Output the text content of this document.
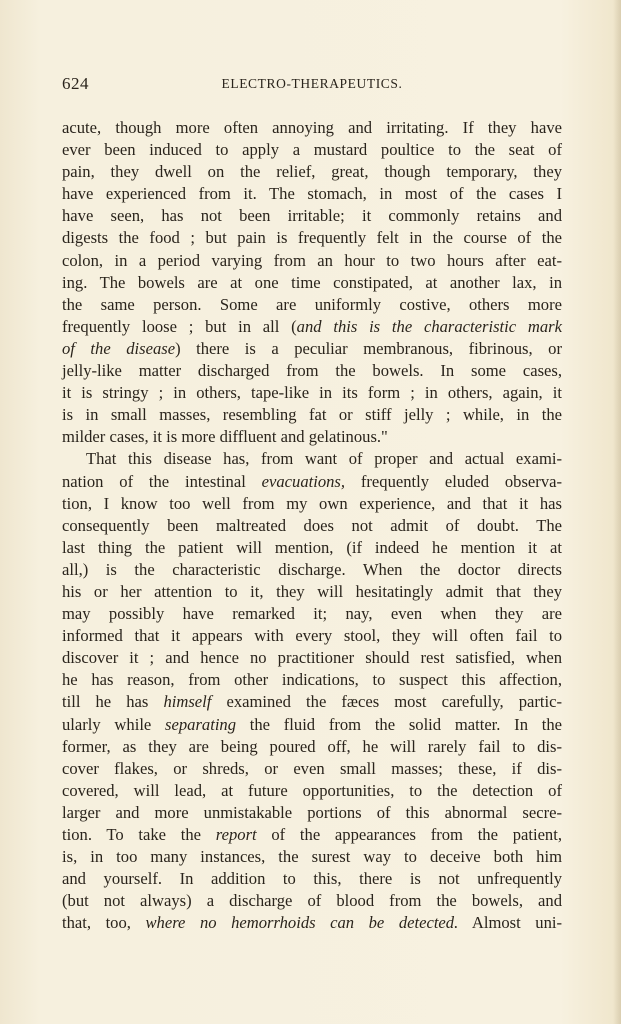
624	ELECTRO-THERAPEUTICS.
acute, though more often annoying and irritating. If they have
ever been induced to apply a mustard poultice to the seat of
pain, they dwell on the relief, great, though temporary, they
have experienced from it. The stomach, in most of the cases I
have seen, has not been irritable; it commonly retains and
digests the food ; but pain is frequently felt in the course of the
colon, in a period varying from an hour to two hours after eat-
ing. The bowels are at one time constipated, at another lax, in
the same person. Some are uniformly costive, others more
frequently loose ; but in all (and this is the characteristic mark
of the disease) there is a peculiar membranous, fibrinous, or
jelly-like matter discharged from the bowels. In some cases,
it is stringy ; in others, tape-like in its form ; in others, again, it
is in small masses, resembling fat or stiff jelly ; while, in the
milder cases, it is more diffluent and gelatinous."
That this disease has, from want of proper and actual exami-
nation of the intestinal evacuations, frequently eluded observa-
tion, I know too well from my own experience, and that it has
consequently been maltreated does not admit of doubt. The
last thing the patient will mention, (if indeed he mention it at
all,) is the characteristic discharge. When the doctor directs
his or her attention to it, they will hesitatingly admit that they
may possibly have remarked it; nay, even when they are
informed that it appears with every stool, they will often fail to
discover it ; and hence no practitioner should rest satisfied, when
he has reason, from other indications, to suspect this affection,
till he has himself examined the fæces most carefully, partic-
ularly while separating the fluid from the solid matter. In the
former, as they are being poured off, he will rarely fail to dis-
cover flakes, or shreds, or even small masses; these, if dis-
covered, will lead, at future opportunities, to the detection of
larger and more unmistakable portions of this abnormal secre-
tion. To take the report of the appearances from the patient,
is, in too many instances, the surest way to deceive both him
and yourself. In addition to this, there is not unfrequently
(but not always) a discharge of blood from the bowels, and
that, too, where no hemorrhoids can be detected. Almost uni-
